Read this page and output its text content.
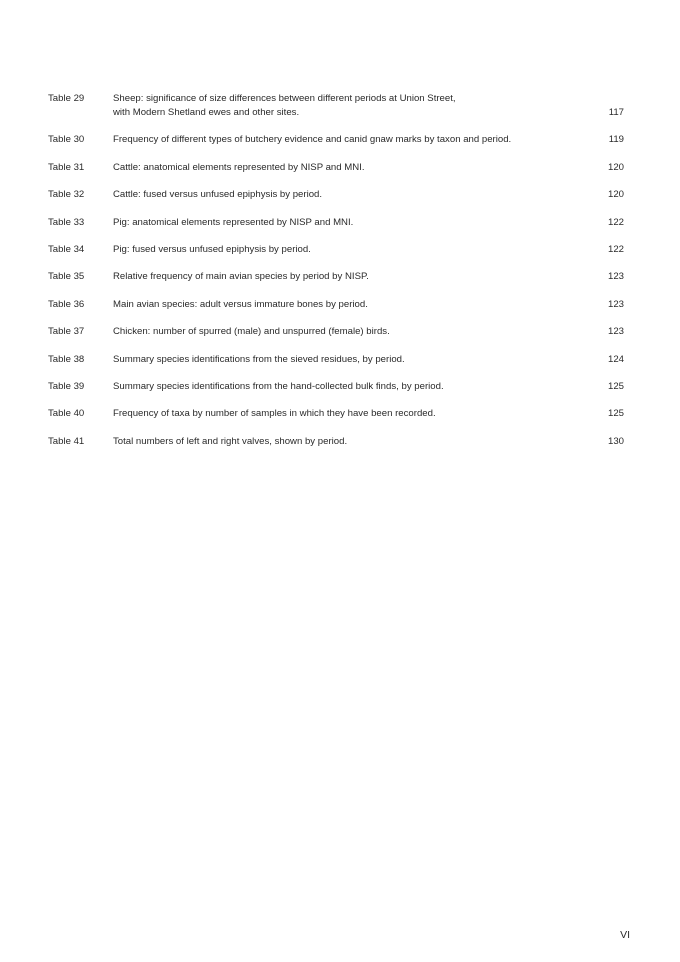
Table 29	Sheep: significance of size differences between different periods at Union Street,
with Modern Shetland ewes and other sites.	117
Table 30	Frequency of different types of butchery evidence and canid gnaw marks by taxon and period.	119
Table 31	Cattle: anatomical elements represented by NISP and MNI.	120
Table 32	Cattle: fused versus unfused epiphysis by period.	120
Table 33	Pig: anatomical elements represented by NISP and MNI.	122
Table 34	Pig: fused versus unfused epiphysis by period.	122
Table 35	Relative frequency of main avian species by period by NISP.	123
Table 36	Main avian species: adult versus immature bones by period.	123
Table 37	Chicken: number of spurred (male) and unspurred (female) birds.	123
Table 38	Summary species identifications from the sieved residues, by period.	124
Table 39	Summary species identifications from the hand-collected bulk finds, by period.	125
Table 40	Frequency of taxa by number of samples in which they have been recorded.	125
Table 41	Total numbers of left and right valves, shown by period.	130
VI
